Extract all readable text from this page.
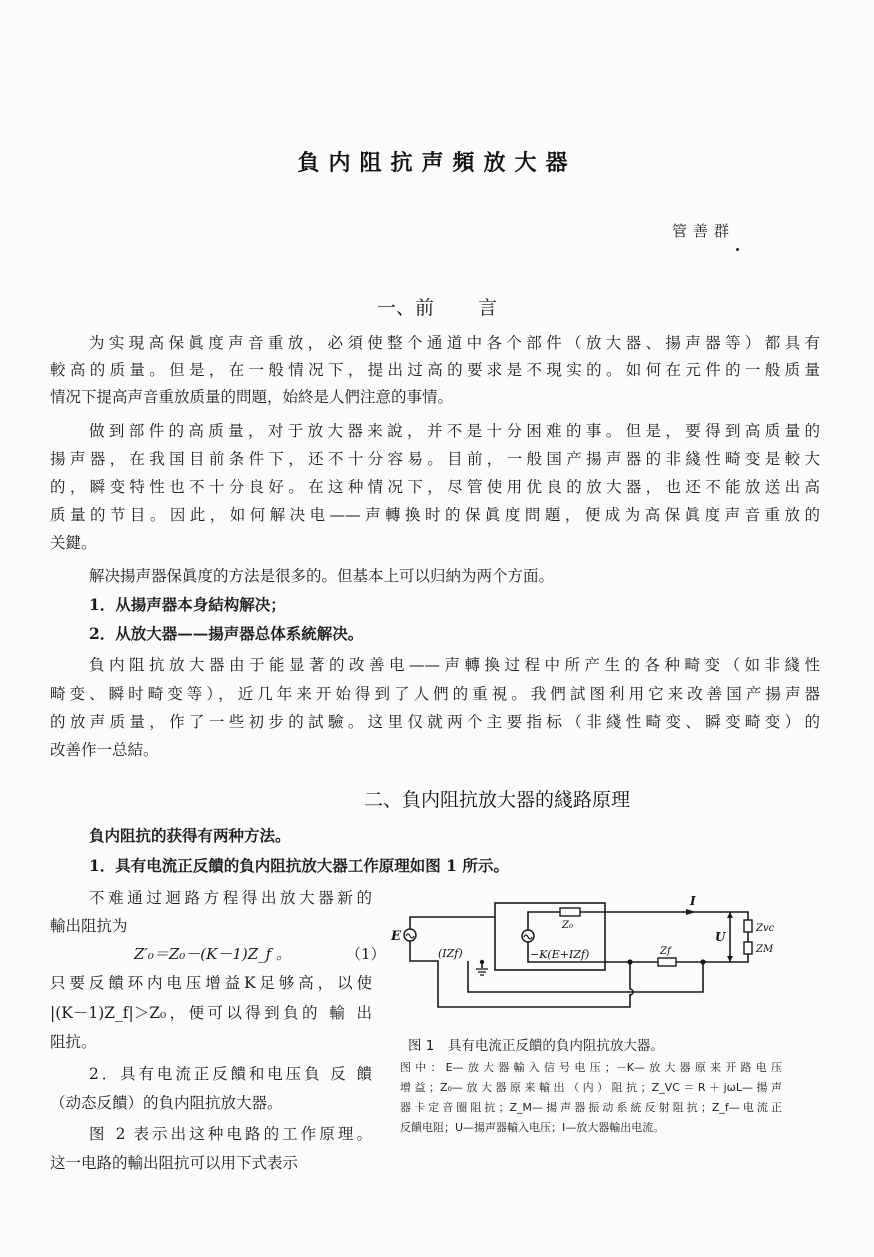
負内阻抗声頻放大器
管善群
一、前 言
为实現高保眞度声音重放，必須使整个通道中各个部件（放大器、揚声器等）都具有
較高的质量。但是，在一般情况下，提出过高的要求是不現实的。如何在元件的一般质量
情况下提高声音重放质量的問題，始終是人們注意的事情。
做到部件的高质量，对于放大器来說，并不是十分困难的事。但是，要得到高质量的
揚声器，在我国目前条件下，还不十分容易。目前，一般国产揚声器的非綫性畸变是較大
的，瞬变特性也不十分良好。在这种情况下，尽管使用优良的放大器，也还不能放送出高
质量的节目。因此，如何解决电——声轉換时的保眞度問題，便成为高保眞度声音重放的
关鍵。
解决揚声器保眞度的方法是很多的。但基本上可以归納为两个方面。
1．从揚声器本身結构解决；
2．从放大器——揚声器总体系統解决。
負内阻抗放大器由于能显著的改善电——声轉換过程中所产生的各种畸变（如非綫性
畸变、瞬时畸变等），近几年来开始得到了人們的重視。我們試图利用它来改善国产揚声器
的放声质量，作了一些初步的試驗。这里仅就两个主要指标（非綫性畸变、瞬变畸变）的
改善作一总結。
二、負内阻抗放大器的綫路原理
負内阻抗的获得有两种方法。
1．具有电流正反饋的負内阻抗放大器工作原理如图 1 所示。
不难通过迴路方程得出放大器新的
輸出阻抗为
Z′₀＝Z₀－(K－1)Z_f 。	（1）
只要反饋环内电压增益K足够高，以使
|(K－1)Z_f|＞Z₀，便可以得到負的 輸 出
阻抗。
2．具有电流正反饋和电压負 反 饋
（动态反饋）的負内阻抗放大器。
图 2 表示出这种电路的工作原理。
这一电路的輸出阻抗可以用下式表示
E
(IZf)
Z₀
−K(E+IZf)	Zf
I
U
Zvc
ZM
图 1　具有电流正反饋的負内阻抗放大器。
图中：E—放大器輸入信号电压；－K—放大器原来开路电压
增益；Z₀—放大器原来輸出（内）阻抗；Z_VC＝R＋jωL—揚声
器卡定音圈阻抗；Z_M—揚声器振动系統反射阻抗；Z_f—电流正
反饋电阻；U—揚声器輸入电压；I—放大器輸出电流。
